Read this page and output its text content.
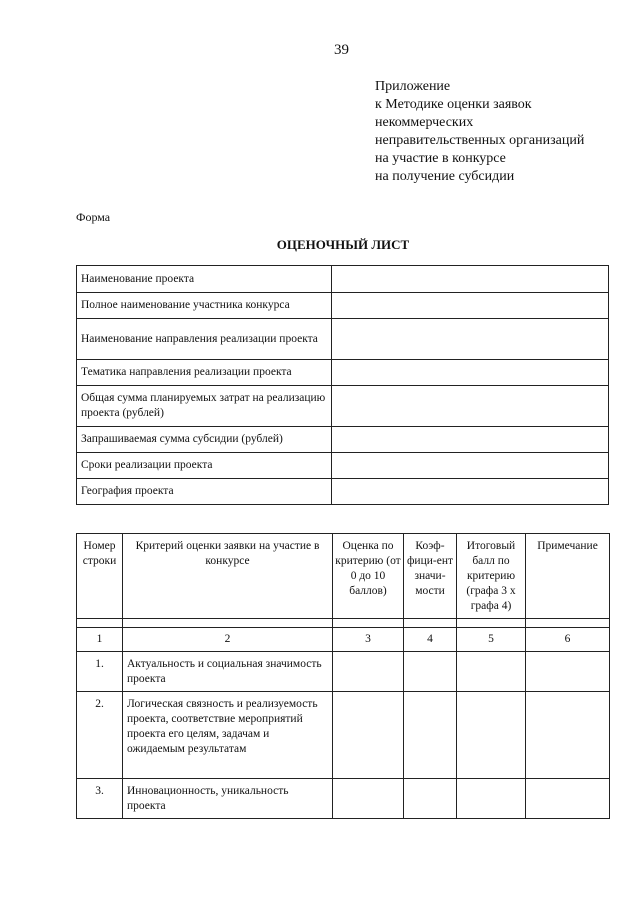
39
Приложение
к Методике оценки заявок
некоммерческих
неправительственных организаций
на участие в конкурсе
на получение субсидии
Форма
ОЦЕНОЧНЫЙ ЛИСТ
Наименование проекта	
Полное наименование участника конкурса	
Наименование направления реализации проекта	
Тематика направления реализации проекта	
Общая сумма планируемых затрат на реализацию проекта (рублей)	
Запрашиваемая сумма субсидии (рублей)	
Сроки реализации проекта	
География проекта	
Номер строки	Критерий оценки заявки на участие в конкурсе	Оценка по критерию (от 0 до 10 баллов)	Коэф-фици-ент значи-мости	Итоговый балл по критерию (графа 3 х графа 4)	Примечание

1	2	3	4	5	6
1.	Актуальность и социальная значимость проекта				
2.	Логическая связность и реализуемость проекта, соответствие мероприятий проекта его целям, задачам и ожидаемым результатам				
3.	Инновационность, уникальность проекта				
